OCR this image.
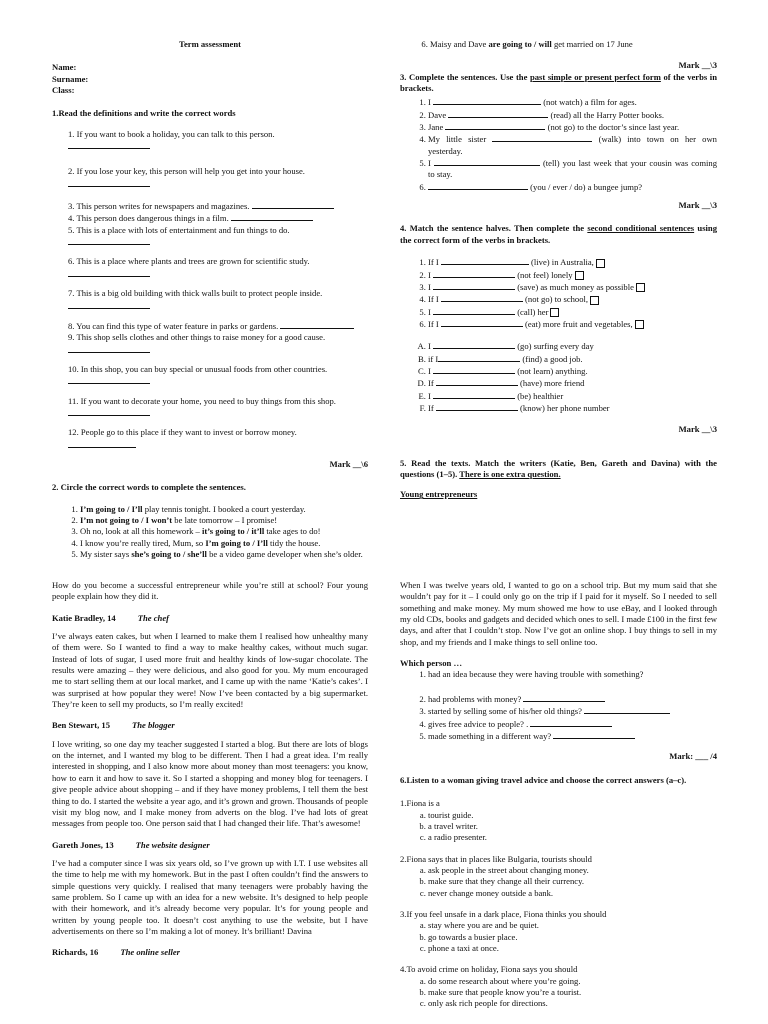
Term assessment

Name:

Surname:

Class:

1.Read the definitions and write the correct words

1. If you want to book a holiday, you can talk to this person.

2. If you lose your key, this person will help you get into your house.

3. This person writes for newspapers and magazines.

4. This person does dangerous things in a film.

5. This is a place with lots of entertainment and fun things to do.

6. This is a place where plants and trees are grown for scientific study.

7. This is a big old building with thick walls built to protect people inside.

8. You can find this type of water feature in parks or gardens.

9. This shop sells clothes and other things to raise money for a good cause.

10. In this shop, you can buy special or unusual foods from other countries.

11. If you want to decorate your home, you need to buy things from this shop.

12. People go to this place if they want to invest or borrow money.

Mark __\6

2. Circle the correct words to complete the sentences.

1. I’m going to / I’ll play tennis tonight. I booked a court yesterday.
2. I’m not going to / I won’t be late tomorrow – I promise!
3. Oh no, look at all this homework – it’s going to / it’ll take ages to do!
4. I know you’re really tired, Mum, so I’m going to / I’ll tidy the house.
5. My sister says she’s going to / she’ll be a video game developer when she’s older.
6. Maisy and Dave are going to / will get married on 17 June

Mark __\3

3. Complete the sentences. Use the past simple or present perfect form of the verbs in brackets.

1. I	(not watch) a film for ages.
2. Dave	(read) all the Harry Potter books.
3. Jane	(not go) to the doctor’s since last year.
4. My little sister	(walk) into town on her own yesterday.
5. I	(tell) you last week that your cousin was coming to stay.
6. (you / ever / do) a bungee jump?

Mark __\3

4. Match the sentence halves. Then complete the second conditional sentences using the correct form of the verbs in brackets.

1. If I	(live) in Australia,
2. I	(not feel) lonely
3. I	(save) as much money as possible
4. If I	(not go) to school,
5. I	(call) her
6. If I	(eat) more fruit and vegetables,
A. I	(go) surfing every day
B. if I	(find) a good job.
C. I	(not learn) anything.
D. If	(have) more friend
E. I	(be) healthier
F. If	(know) her phone number

Mark __\3

5. Read the texts. Match the writers (Katie, Ben, Gareth and Davina) with the questions (1–5). There is one extra question.

Young entrepreneurs

How do you become a successful entrepreneur while you’re still at school? Four young people explain how they did it.

Katie Bradley, 14	The chef

I’ve always eaten cakes, but when I learned to make them I realised how unhealthy many of them were. So I wanted to find a way to make healthy cakes, without much sugar. Instead of lots of sugar, I used more fruit and healthy kinds of low-sugar chocolate. The results were amazing – they were delicious, and also good for you. My mum encouraged me to start selling them at our local market, and I came up with the name ‘Katie’s cakes’. I was surprised at how popular they were! Now I’ve been contacted by a big supermarket. They’re keen to sell my products, so I’m really excited!

Ben Stewart, 15	The blogger

I love writing, so one day my teacher suggested I started a blog. But there are lots of blogs on the internet, and I wanted my blog to be different. Then I had a great idea. I’m really interested in shopping, and I also know more about money than most teenagers: you know, how to earn it and how to save it. So I started a shopping and money blog for teenagers. I give people advice about shopping – and if they have money problems, I tell them the best thing to do. I started the website a year ago, and it’s grown and grown. Thousands of people visit my blog now, and I make money from adverts on the blog. I’ve had lots of great messages from people too. One person said that I had changed their life. That’s awesome!

Gareth Jones, 13	The website designer

I’ve had a computer since I was six years old, so I’ve grown up with I.T. I use websites all the time to help me with my homework. But in the past I often couldn’t find the answers to simple questions very quickly. I realised that many teenagers were probably having the same problem. So I came up with an idea for a new website. It’s designed to help people with their homework, and it’s already become very popular. It’s for young people and written by young people too. It doesn’t cost anything to use the website, but I have advertisements on there so I’m making a lot of money. It’s brilliant! Davina

Richards, 16	The online seller

When I was twelve years old, I wanted to go on a school trip. But my mum said that she wouldn’t pay for it – I could only go on the trip if I paid for it myself. So I needed to sell something and make money. My mum showed me how to use eBay, and I looked through my old CDs, books and gadgets and decided which ones to sell. I made £100 in the first few days, and after that I couldn’t stop. Now I’ve got an online shop. I buy things to sell in my shop, and my friends and I make things to sell online too.

Which person …

1. had an idea because they were having trouble with something?

2. had problems with money?
3. started by selling some of his/her old things?
4. gives free advice to people? .
5. made something in a different way?

Mark: ___ /4

6.Listen to a woman giving travel advice and choose the correct answers (a–c).

1.Fiona is a

a. tourist guide.
b. a travel writer.
c. a radio presenter.

2.Fiona says that in places like Bulgaria, tourists should

a. ask people in the street about changing money.
b. make sure that they change all their currency.
c. never change money outside a bank.

3.If you feel unsafe in a dark place, Fiona thinks you should

a. stay where you are and be quiet.
b. go towards a busier place.
c. phone a taxi at once.

4.To avoid crime on holiday, Fiona says you should

a. do some research about where you’re going.
b. make sure that people know you’re a tourist.
c. only ask rich people for directions.
